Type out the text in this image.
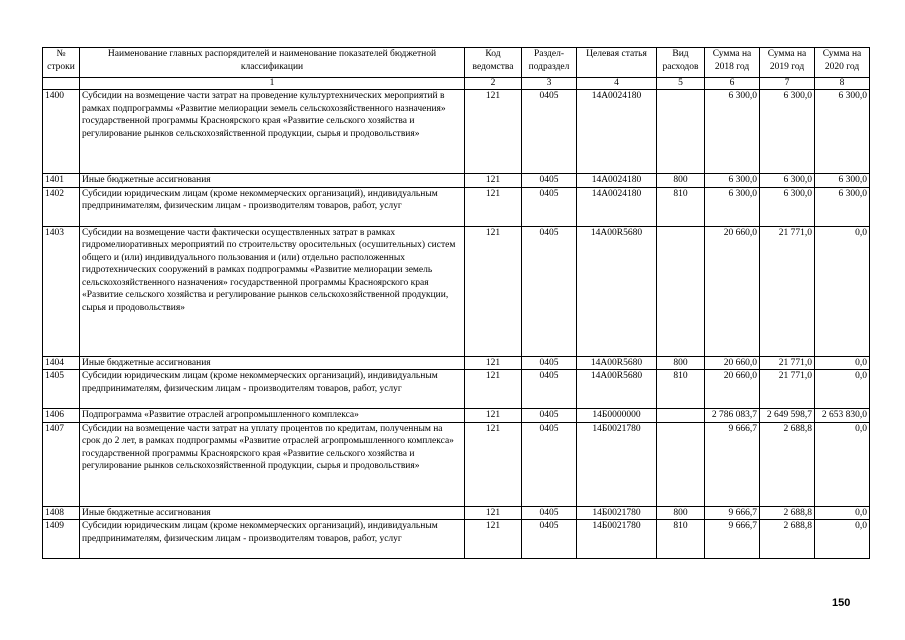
№ строки	Наименование главных распорядителей и наименование показателей бюджетной классификации	Код ведомства	Раздел-подраздел	Целевая статья	Вид расходов	Сумма на 2018 год	Сумма на 2019 год	Сумма на 2020 год
	1	2	3	4	5	6	7	8
1400	Субсидии на возмещение части затрат на проведение культуртехнических мероприятий в рамках подпрограммы «Развитие мелиорации земель сельскохозяйственного назначения» государственной программы Красноярского края «Развитие сельского хозяйства и регулирование рынков сельскохозяйственной продукции, сырья и продовольствия»	121	0405	14А0024180		6 300,0	6 300,0	6 300,0
1401	Иные бюджетные ассигнования	121	0405	14А0024180	800	6 300,0	6 300,0	6 300,0
1402	Субсидии юридическим лицам (кроме некоммерческих организаций), индивидуальным предпринимателям, физическим лицам - производителям товаров, работ, услуг	121	0405	14А0024180	810	6 300,0	6 300,0	6 300,0
1403	Субсидии на возмещение части фактически осуществленных затрат в рамках гидромелиоративных мероприятий по строительству оросительных (осушительных) систем общего и (или) индивидуального пользования и (или) отдельно расположенных гидротехнических сооружений в рамках подпрограммы «Развитие мелиорации земель сельскохозяйственного назначения» государственной программы Красноярского края «Развитие сельского хозяйства и регулирование рынков сельскохозяйственной продукции, сырья и продовольствия»	121	0405	14А00R5680		20 660,0	21 771,0	0,0
1404	Иные бюджетные ассигнования	121	0405	14А00R5680	800	20 660,0	21 771,0	0,0
1405	Субсидии юридическим лицам (кроме некоммерческих организаций), индивидуальным предпринимателям, физическим лицам - производителям товаров, работ, услуг	121	0405	14А00R5680	810	20 660,0	21 771,0	0,0
1406	Подпрограмма «Развитие отраслей агропромышленного комплекса»	121	0405	14Б0000000		2 786 083,7	2 649 598,7	2 653 830,0
1407	Субсидии на возмещение части затрат на уплату процентов по кредитам, полученным на срок до 2 лет, в рамках подпрограммы «Развитие отраслей агропромышленного комплекса» государственной программы Красноярского края «Развитие сельского хозяйства и регулирование рынков сельскохозяйственной продукции, сырья и продовольствия»	121	0405	14Б0021780		9 666,7	2 688,8	0,0
1408	Иные бюджетные ассигнования	121	0405	14Б0021780	800	9 666,7	2 688,8	0,0
1409	Субсидии юридическим лицам (кроме некоммерческих организаций), индивидуальным предпринимателям, физическим лицам - производителям товаров, работ, услуг	121	0405	14Б0021780	810	9 666,7	2 688,8	0,0
150
